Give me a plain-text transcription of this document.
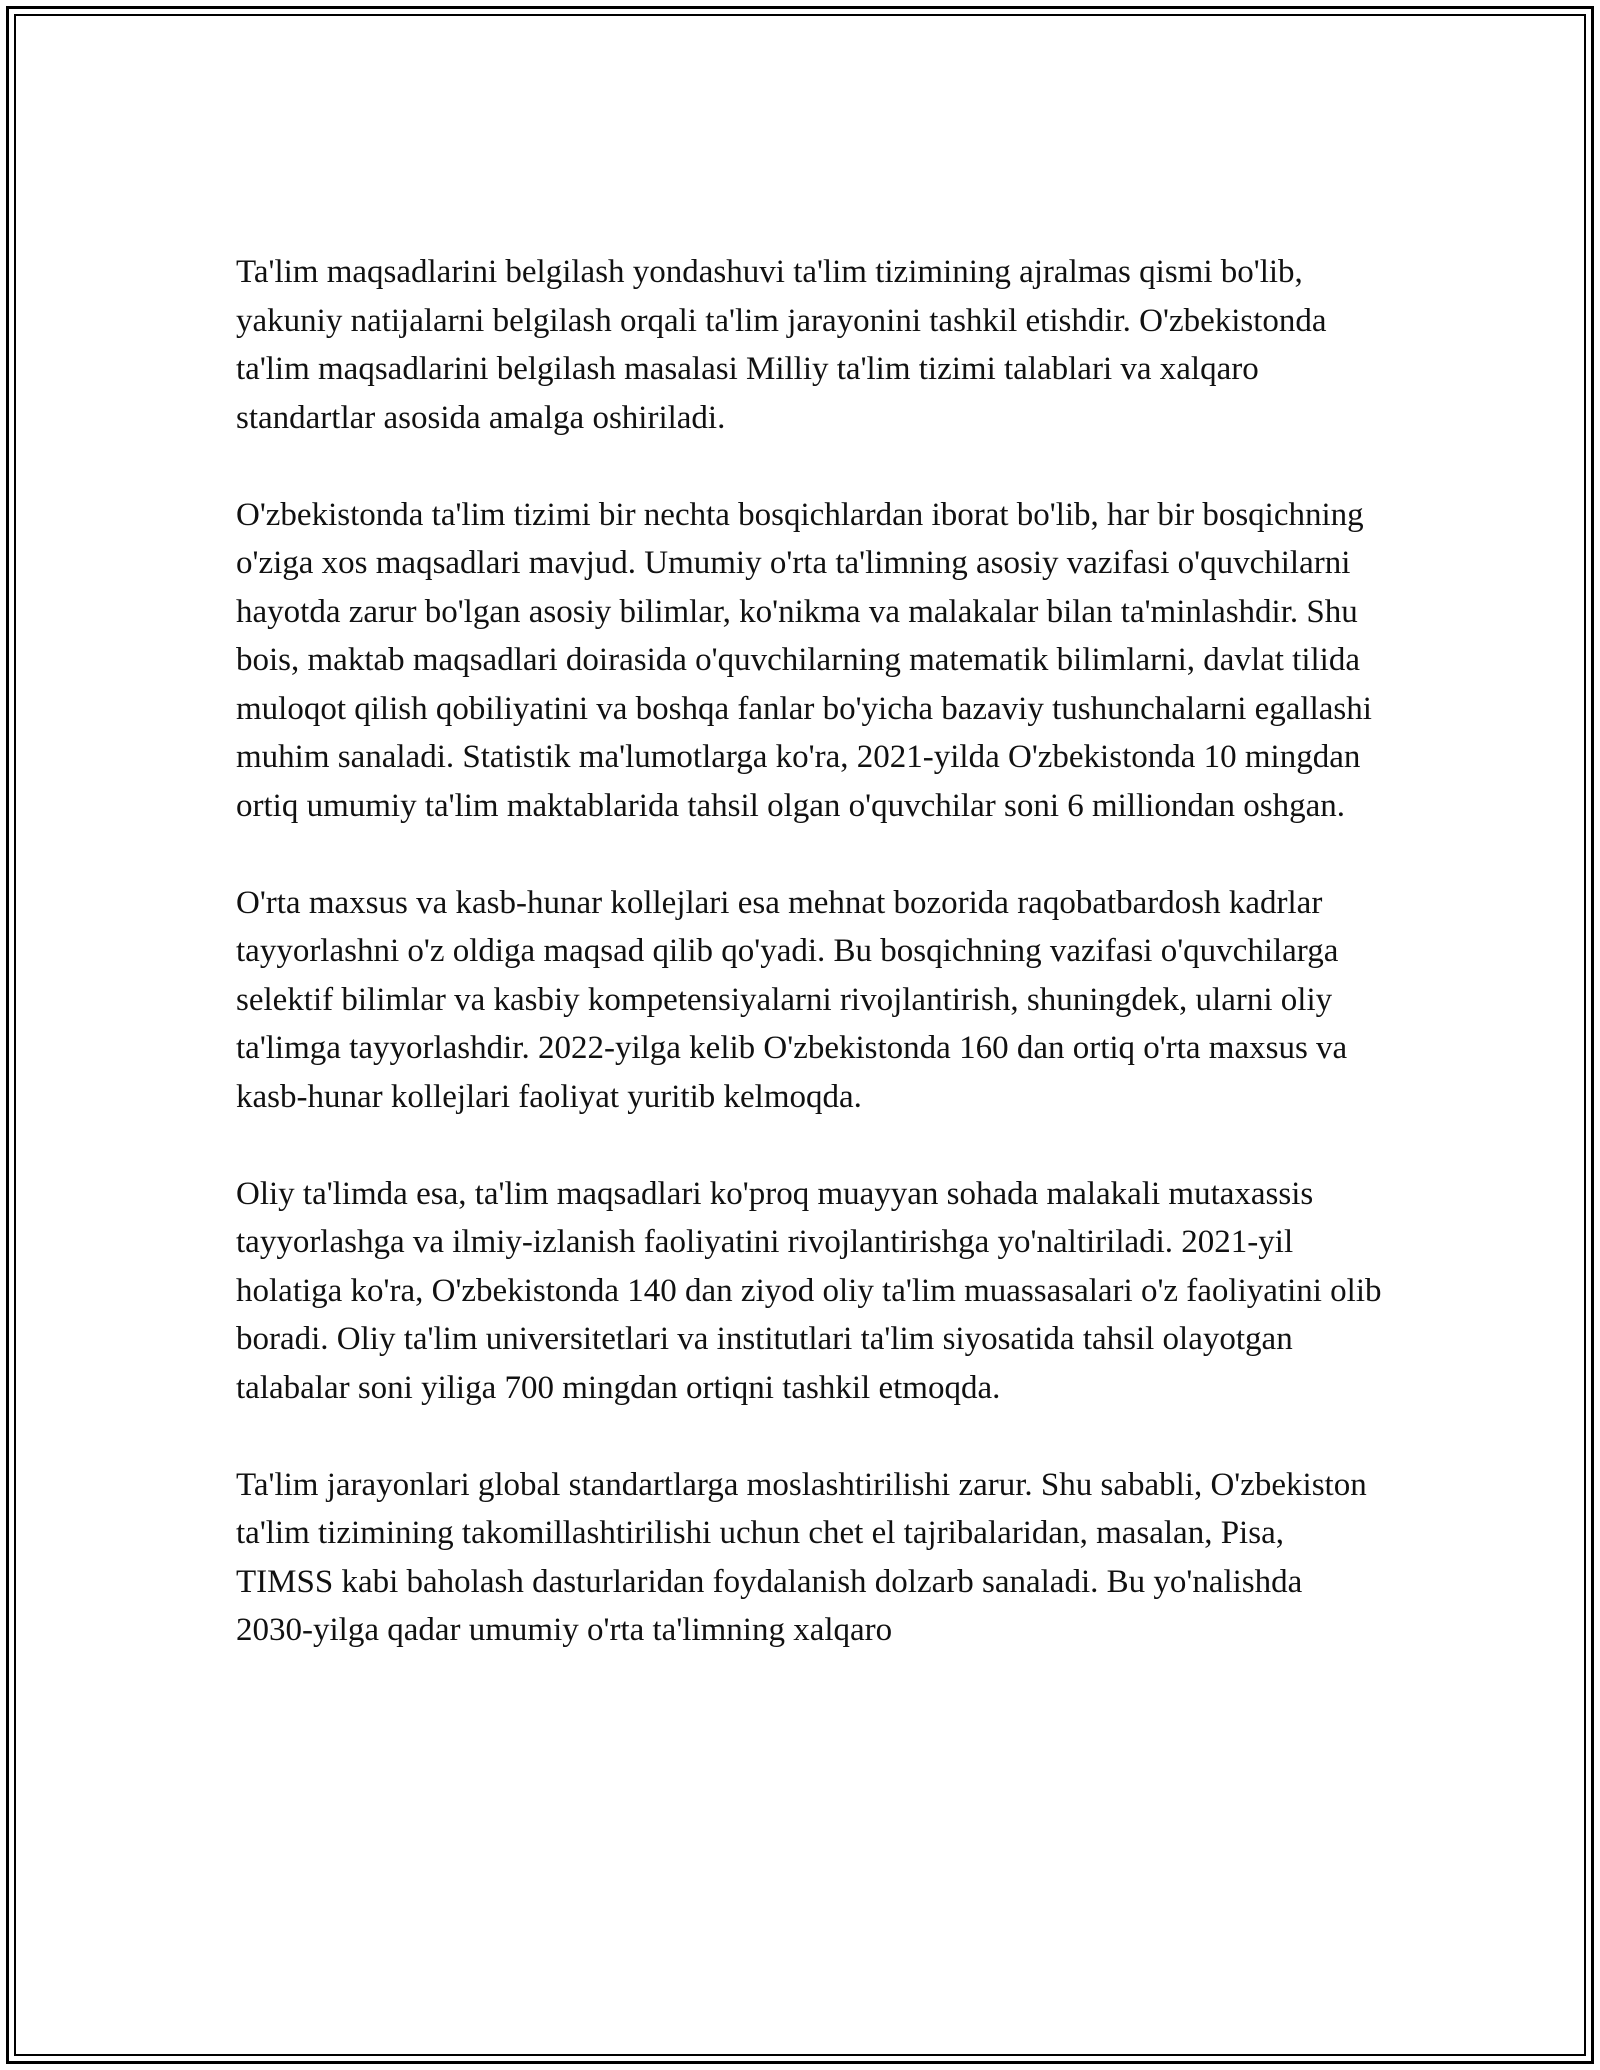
Ta'lim maqsadlarini belgilash yondashuvi ta'lim tizimining ajralmas qismi bo'lib, yakuniy natijalarni belgilash orqali ta'lim jarayonini tashkil etishdir. O'zbekistonda ta'lim maqsadlarini belgilash masalasi Milliy ta'lim tizimi talablari va xalqaro standartlar asosida amalga oshiriladi.

O'zbekistonda ta'lim tizimi bir nechta bosqichlardan iborat bo'lib, har bir bosqichning o'ziga xos maqsadlari mavjud. Umumiy o'rta ta'limning asosiy vazifasi o'quvchilarni hayotda zarur bo'lgan asosiy bilimlar, ko'nikma va malakalar bilan ta'minlashdir. Shu bois, maktab maqsadlari doirasida o'quvchilarning matematik bilimlarni, davlat tilida muloqot qilish qobiliyatini va boshqa fanlar bo'yicha bazaviy tushunchalarni egallashi muhim sanaladi. Statistik ma'lumotlarga ko'ra, 2021-yilda O'zbekistonda 10 mingdan ortiq umumiy ta'lim maktablarida tahsil olgan o'quvchilar soni 6 milliondan oshgan.

O'rta maxsus va kasb-hunar kollejlari esa mehnat bozorida raqobatbardosh kadrlar tayyorlashni o'z oldiga maqsad qilib qo'yadi. Bu bosqichning vazifasi o'quvchilarga selektif bilimlar va kasbiy kompetensiyalarni rivojlantirish, shuningdek, ularni oliy ta'limga tayyorlashdir. 2022-yilga kelib O'zbekistonda 160 dan ortiq o'rta maxsus va kasb-hunar kollejlari faoliyat yuritib kelmoqda.

Oliy ta'limda esa, ta'lim maqsadlari ko'proq muayyan sohada malakali mutaxassis tayyorlashga va ilmiy-izlanish faoliyatini rivojlantirishga yo'naltiriladi. 2021-yil holatiga ko'ra, O'zbekistonda 140 dan ziyod oliy ta'lim muassasalari o'z faoliyatini olib boradi. Oliy ta'lim universitetlari va institutlari ta'lim siyosatida tahsil olayotgan talabalar soni yiliga 700 mingdan ortiqni tashkil etmoqda.

Ta'lim jarayonlari global standartlarga moslashtirilishi zarur. Shu sababli, O'zbekiston ta'lim tizimining takomillashtirilishi uchun chet el tajribalaridan, masalan, Pisa, TIMSS kabi baholash dasturlaridan foydalanish dolzarb sanaladi. Bu yo'nalishda 2030-yilga qadar umumiy o'rta ta'limning xalqaro
